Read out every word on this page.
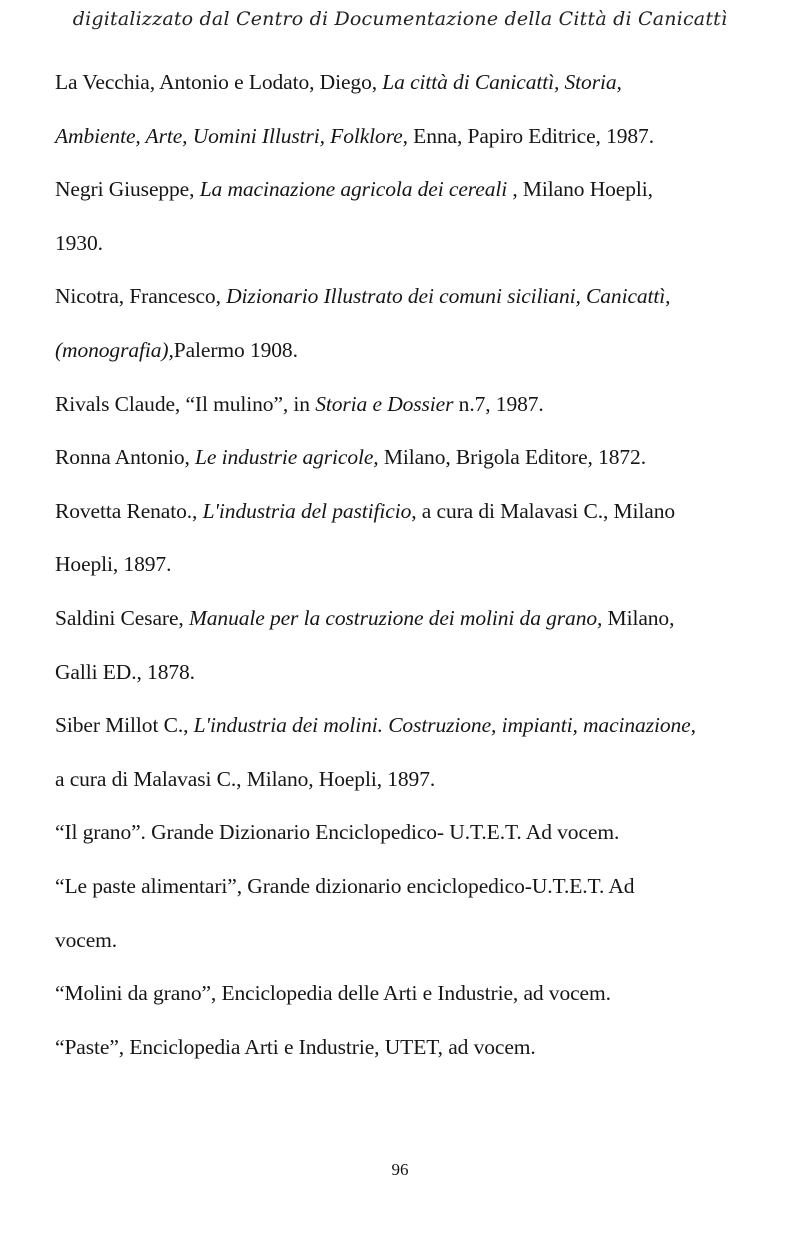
digitalizzato dal Centro di Documentazione della Città di Canicattì
La Vecchia, Antonio e Lodato, Diego, La città di Canicattì, Storia,
Ambiente, Arte, Uomini Illustri, Folklore, Enna, Papiro Editrice, 1987.
Negri Giuseppe, La macinazione agricola dei cereali , Milano Hoepli,
1930.
Nicotra, Francesco, Dizionario Illustrato dei comuni siciliani, Canicattì,
(monografia),Palermo 1908.
Rivals Claude, “Il mulino”, in Storia e Dossier n.7, 1987.
Ronna Antonio, Le industrie agricole, Milano, Brigola Editore, 1872.
Rovetta Renato., L'industria del pastificio, a cura di Malavasi C., Milano
Hoepli, 1897.
Saldini Cesare, Manuale per la costruzione dei molini da grano, Milano,
Galli ED., 1878.
Siber Millot C., L'industria dei molini. Costruzione, impianti, macinazione,
a cura di Malavasi C., Milano, Hoepli, 1897.
“Il grano”. Grande Dizionario Enciclopedico- U.T.E.T. Ad vocem.
“Le paste alimentari”, Grande dizionario enciclopedico-U.T.E.T. Ad
vocem.
“Molini da grano”, Enciclopedia delle Arti e Industrie, ad vocem.
“Paste”, Enciclopedia Arti e Industrie, UTET, ad vocem.
96
